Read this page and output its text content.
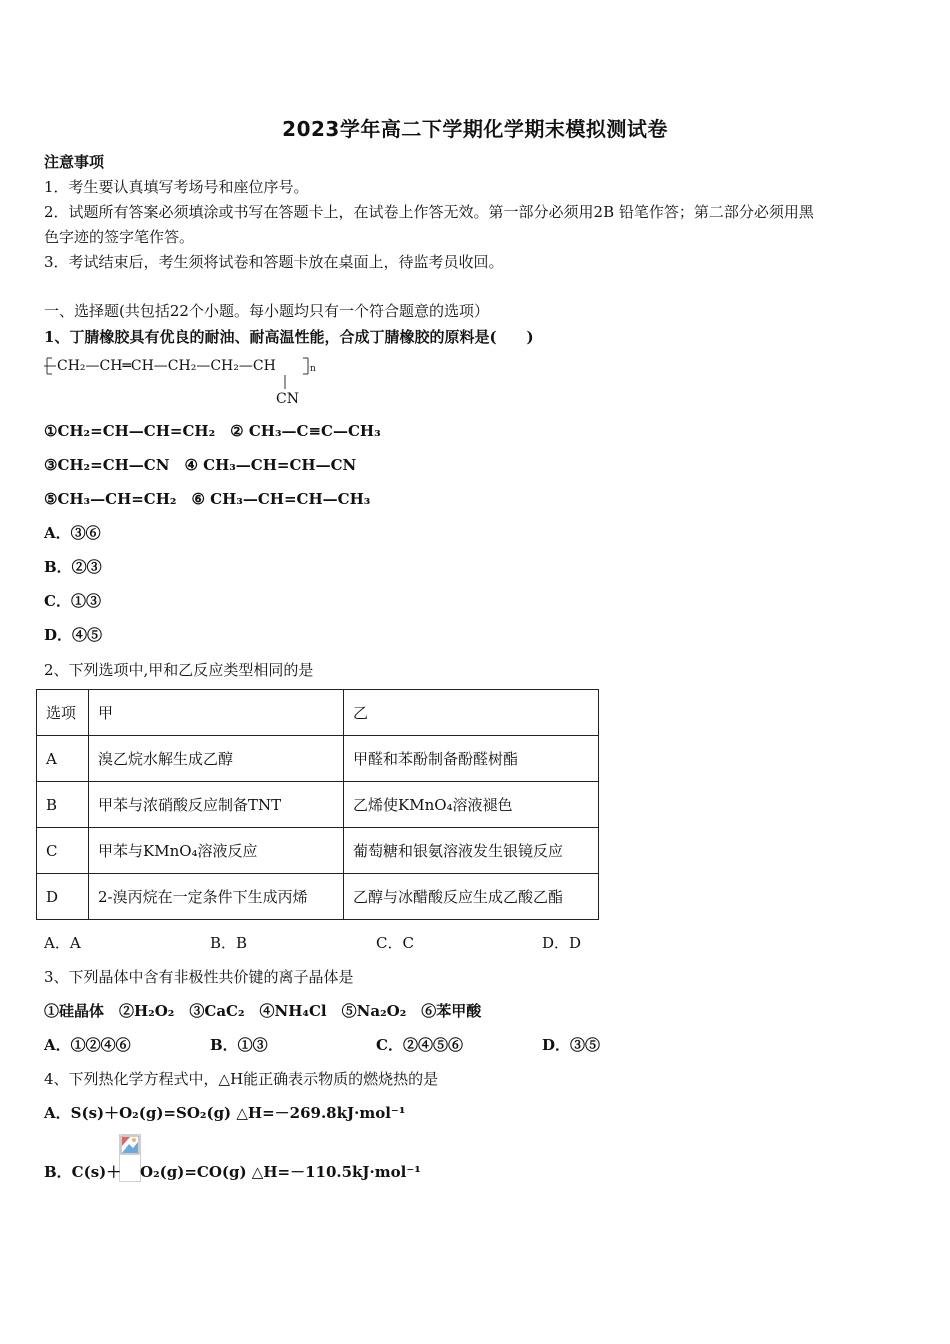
2023学年高二下学期化学期末模拟测试卷
注意事项
1．考生要认真填写考场号和座位序号。
2．试题所有答案必须填涂或书写在答题卡上，在试卷上作答无效。第一部分必须用2B 铅笔作答；第二部分必须用黑
色字迹的签字笔作答。
3．考试结束后，考生须将试卷和答题卡放在桌面上，待监考员收回。
一、选择题(共包括22个小题。每小题均只有一个符合题意的选项）
1、丁腈橡胶具有优良的耐油、耐高温性能，合成丁腈橡胶的原料是(　　)
CH₂—CH═CH—CH₂—CH₂—CH	n
CN
①CH₂=CH—CH=CH₂　② CH₃—C≡C—CH₃
③CH₂=CH—CN　④ CH₃—CH=CH—CN
⑤CH₃—CH=CH₂　⑥ CH₃—CH=CH—CH₃
A．③⑥
B．②③
C．①③
D．④⑤
2、下列选项中,甲和乙反应类型相同的是
选项	甲	乙
A	溴乙烷水解生成乙醇	甲醛和苯酚制备酚醛树酯
B	甲苯与浓硝酸反应制备TNT	乙烯使KMnO₄溶液褪色
C	甲苯与KMnO₄溶液反应	葡萄糖和银氨溶液发生银镜反应
D	2-溴丙烷在一定条件下生成丙烯	乙醇与冰醋酸反应生成乙酸乙酯
A．A	B．B	C．C	D．D
3、下列晶体中含有非极性共价键的离子晶体是
①硅晶体　②H₂O₂　③CaC₂　④NH₄Cl　⑤Na₂O₂　⑥苯甲酸
A．①②④⑥	B．①③	C．②④⑤⑥	D．③⑤
4、下列热化学方程式中，△H能正确表示物质的燃烧热的是
A．S(s)＋O₂(g)=SO₂(g) △H=－269.8kJ·mol⁻¹
B．C(s)＋ O₂(g)=CO(g) △H=－110.5kJ·mol⁻¹
